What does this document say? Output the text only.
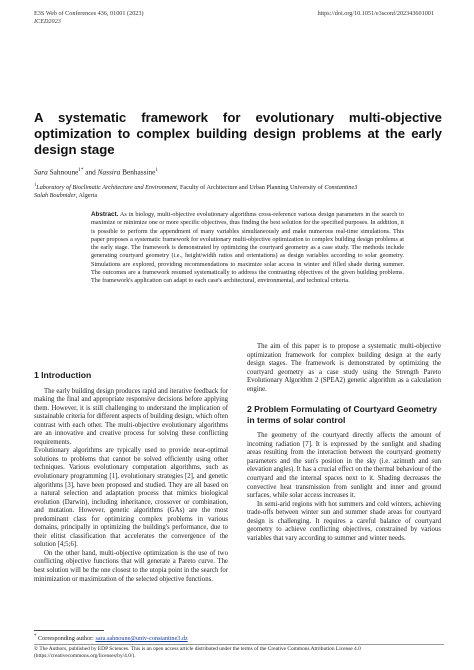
E3S Web of Conferences 436, 01001 (2023)
ICED2023
https://doi.org/10.1051/e3sconf/202343601001
A systematic framework for evolutionary multi-objective optimization to complex building design problems at the early design stage
Sara Sahnoune$^{1*}$ and Nassira Benhassine$^1$
$^1$Laboratory of Bioclimatic Architecture and Environment, Faculty of Architecture and Urban Planning University of Constantine3
Salah Boubnider, Algeria
Abstract. As in biology, multi-objective evolutionary algorithms cross-reference various design parameters in the search to maximize or minimize one or more specific objectives, thus finding the best solution for the specified purposes. In addition, it is possible to perform the appendment of many variables simultaneously and make numerous real-time simulations. This paper proposes a systematic framework for evolutionary multi-objective optimization to complex building design problems at the early stage. The framework is demonstrated by optimizing the courtyard geometry as a case study. The methods include generating courtyard geometry (i.e., height/width ratios and orientations) as design variables according to solar geometry. Simulations are explored, providing recommendations to maximize solar access in winter and filled shade during summer. The outcomes are a framework resumed systematically to address the contrasting objectives of the given building problems. The framework's application can adapt to each case's architectural, environmental, and technical criteria.
1 Introduction

The early building design produces rapid and iterative feedback for making the final and appropriate responsive decisions before applying them. However, it is still challenging to understand the implication of sustainable criteria for different aspects of building design, which often contrast with each other. The multi-objective evolutionary algorithms are an innovative and creative process for solving these conflicting requirements.

Evolutionary algorithms are typically used to provide near-optimal solutions to problems that cannot be solved efficiently using other techniques. Various evolutionary computation algorithms, such as evolutionary programming [1], evolutionary strategies [2], and genetic algorithms [3], have been proposed and studied. They are all based on a natural selection and adaptation process that mimics biological evolution (Darwin), including inheritance, crossover or combination, and mutation. However, genetic algorithms (GAs) are the most predominant class for optimizing complex problems in various domains, principally in optimizing the building's performance, due to their elitist classification that accelerates the convergence of the solution [4;5;6].

On the other hand, multi-objective optimization is the use of two conflicting objective functions that will generate a Pareto curve. The best solution will be the one closest to the utopia point in the search for minimization or maximization of the selected objective functions.

The aim of this paper is to propose a systematic multi-objective optimization framework for complex building design at the early design stages. The framework is demonstrated by optimizing the courtyard geometry as a case study using the Strength Pareto Evolutionary Algorithm 2 (SPEA2) genetic algorithm as a calculation engine.

2 Problem Formulating of Courtyard Geometry in terms of solar control

The geometry of the courtyard directly affects the amount of incoming radiation [7]. It is expressed by the sunlight and shading areas resulting from the interaction between the courtyard geometry parameters and the sun's position in the sky (i.e. azimuth and sun elevation angles). It has a crucial effect on the thermal behaviour of the courtyard and the internal spaces next to it. Shading decreases the convective heat transmission from sunlight and inner and ground surfaces, while solar access increases it.

In semi-arid regions with hot summers and cold winters, achieving trade-offs between winter sun and summer shade areas for courtyard design is challenging. It requires a careful balance of courtyard geometry to achieve conflicting objectives, constrained by various variables that vary according to summer and winter needs.

* Corresponding author: sara.sahnoune@univ-constantine3.dz
© The Authors, published by EDP Sciences. This is an open access article distributed under the terms of the Creative Commons Attribution License 4.0
(https://creativecommons.org/licenses/by/4.0/).
